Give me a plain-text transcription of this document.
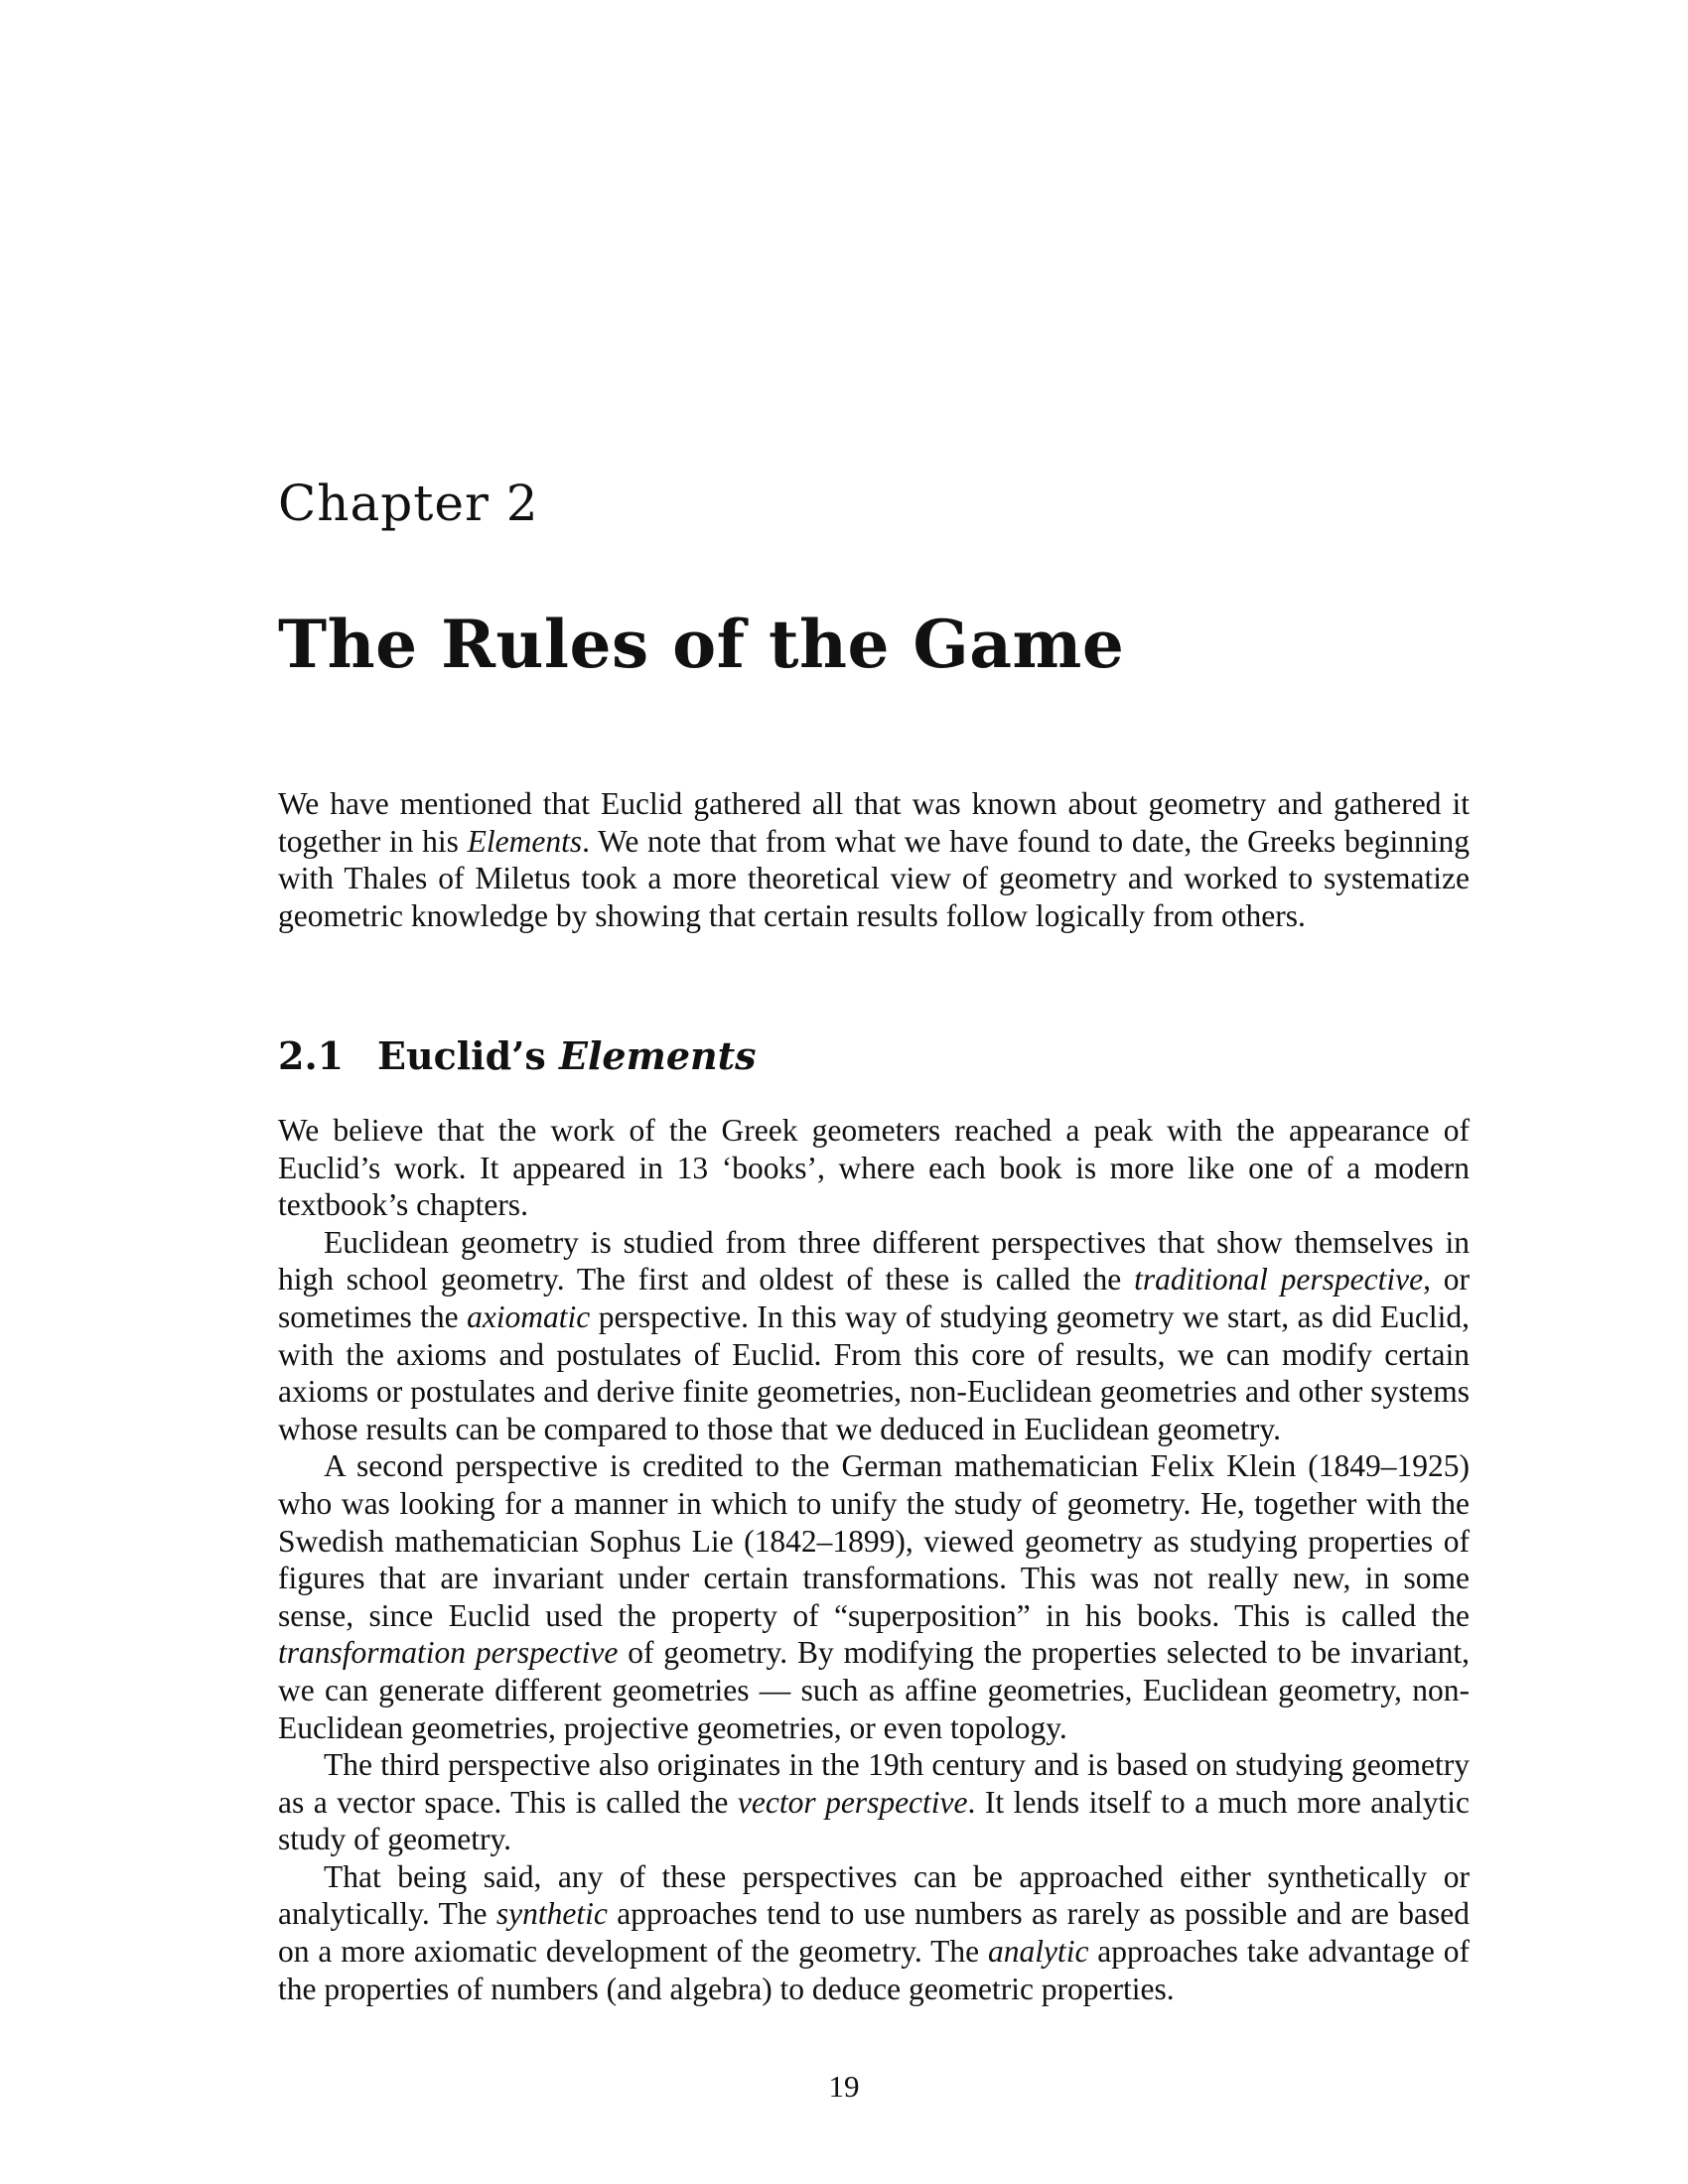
Chapter 2
The Rules of the Game

We have mentioned that Euclid gathered all that was known about geometry and gathered it together in his Elements. We note that from what we have found to date, the Greeks beginning with Thales of Miletus took a more theoretical view of geometry and worked to systematize geometric knowledge by showing that certain results follow logically from others.

2.1 Euclid’s Elements

We believe that the work of the Greek geometers reached a peak with the appearance of Euclid’s work. It appeared in 13 ‘books’, where each book is more like one of a modern textbook’s chapters.

Euclidean geometry is studied from three different perspectives that show themselves in high school geometry. The first and oldest of these is called the traditional perspective, or sometimes the axiomatic perspective. In this way of studying geometry we start, as did Euclid, with the axioms and postulates of Euclid. From this core of results, we can modify certain axioms or postulates and derive finite geometries, non-Euclidean geometries and other systems whose results can be compared to those that we deduced in Euclidean geometry.

A second perspective is credited to the German mathematician Felix Klein (1849–1925) who was looking for a manner in which to unify the study of geometry. He, together with the Swedish mathematician Sophus Lie (1842–1899), viewed geometry as studying properties of figures that are invariant under certain transformations. This was not really new, in some sense, since Euclid used the property of “superposition” in his books. This is called the transformation perspective of geometry. By modifying the properties selected to be invariant, we can generate different geometries — such as affine geometries, Euclidean geometry, non-Euclidean geometries, projective geometries, or even topology.

The third perspective also originates in the 19th century and is based on studying geometry as a vector space. This is called the vector perspective. It lends itself to a much more analytic study of geometry.

That being said, any of these perspectives can be approached either synthetically or analytically. The synthetic approaches tend to use numbers as rarely as possible and are based on a more axiomatic development of the geometry. The analytic approaches take advantage of the properties of numbers (and algebra) to deduce geometric properties.

19
